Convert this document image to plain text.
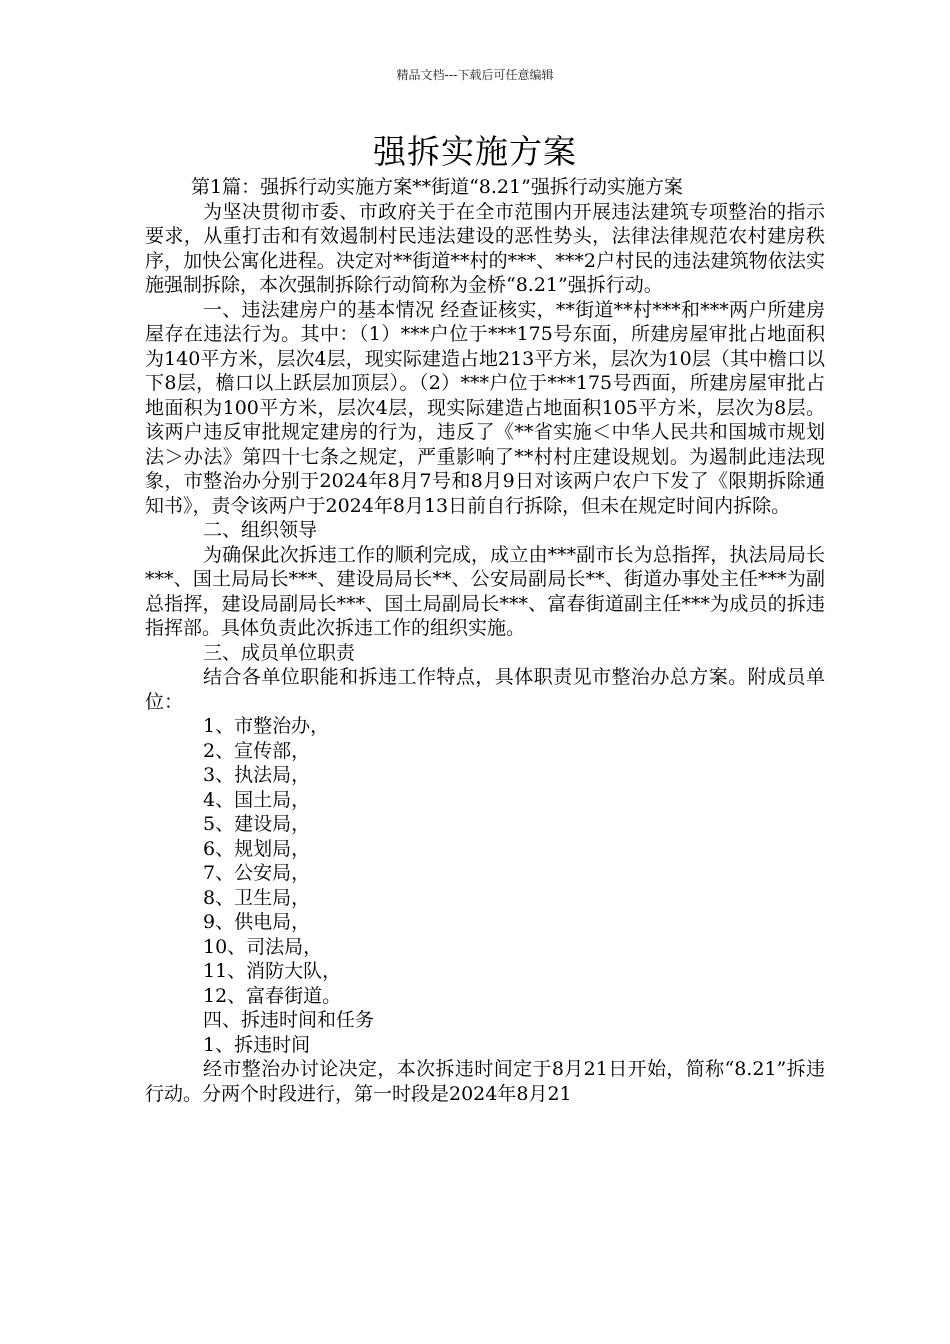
精品文档---下载后可任意编辑
强拆实施方案

第1篇：强拆行动实施方案**街道“8.21”强拆行动实施方案

为坚决贯彻市委、市政府关于在全市范围内开展违法建筑专项整治的指示要求，从重打击和有效遏制村民违法建设的恶性势头，法律法律规范农村建房秩序，加快公寓化进程。决定对**街道**村的***、***2户村民的违法建筑物依法实施强制拆除，本次强制拆除行动简称为金桥“8.21”强拆行动。

一、违法建房户的基本情况 经查证核实，**街道**村***和***两户所建房屋存在违法行为。其中：（1）***户位于***175号东面，所建房屋审批占地面积为140平方米，层次4层，现实际建造占地213平方米，层次为10层（其中檐口以下8层，檐口以上跃层加顶层）。（2）***户位于***175号西面，所建房屋审批占地面积为100平方米，层次4层，现实际建造占地面积105平方米，层次为8层。该两户违反审批规定建房的行为，违反了《**省实施＜中华人民共和国城市规划法＞办法》第四十七条之规定，严重影响了**村村庄建设规划。为遏制此违法现象，市整治办分别于2024年8月7号和8月9日对该两户农户下发了《限期拆除通知书》，责令该两户于2024年8月13日前自行拆除，但未在规定时间内拆除。

二、组织领导

为确保此次拆违工作的顺利完成，成立由***副市长为总指挥，执法局局长***、国土局局长***、建设局局长**、公安局副局长**、街道办事处主任***为副总指挥，建设局副局长***、国土局副局长***、富春街道副主任***为成员的拆违指挥部。具体负责此次拆违工作的组织实施。

三、成员单位职责

结合各单位职能和拆违工作特点，具体职责见市整治办总方案。附成员单位：

1、市整治办，

2、宣传部，

3、执法局，

4、国土局，

5、建设局，

6、规划局，

7、公安局，

8、卫生局，

9、供电局，

10、司法局，

11、消防大队，

12、富春街道。

四、拆违时间和任务

1、拆违时间

经市整治办讨论决定，本次拆违时间定于8月21日开始，简称“8.21”拆违行动。分两个时段进行，第一时段是2024年8月21
